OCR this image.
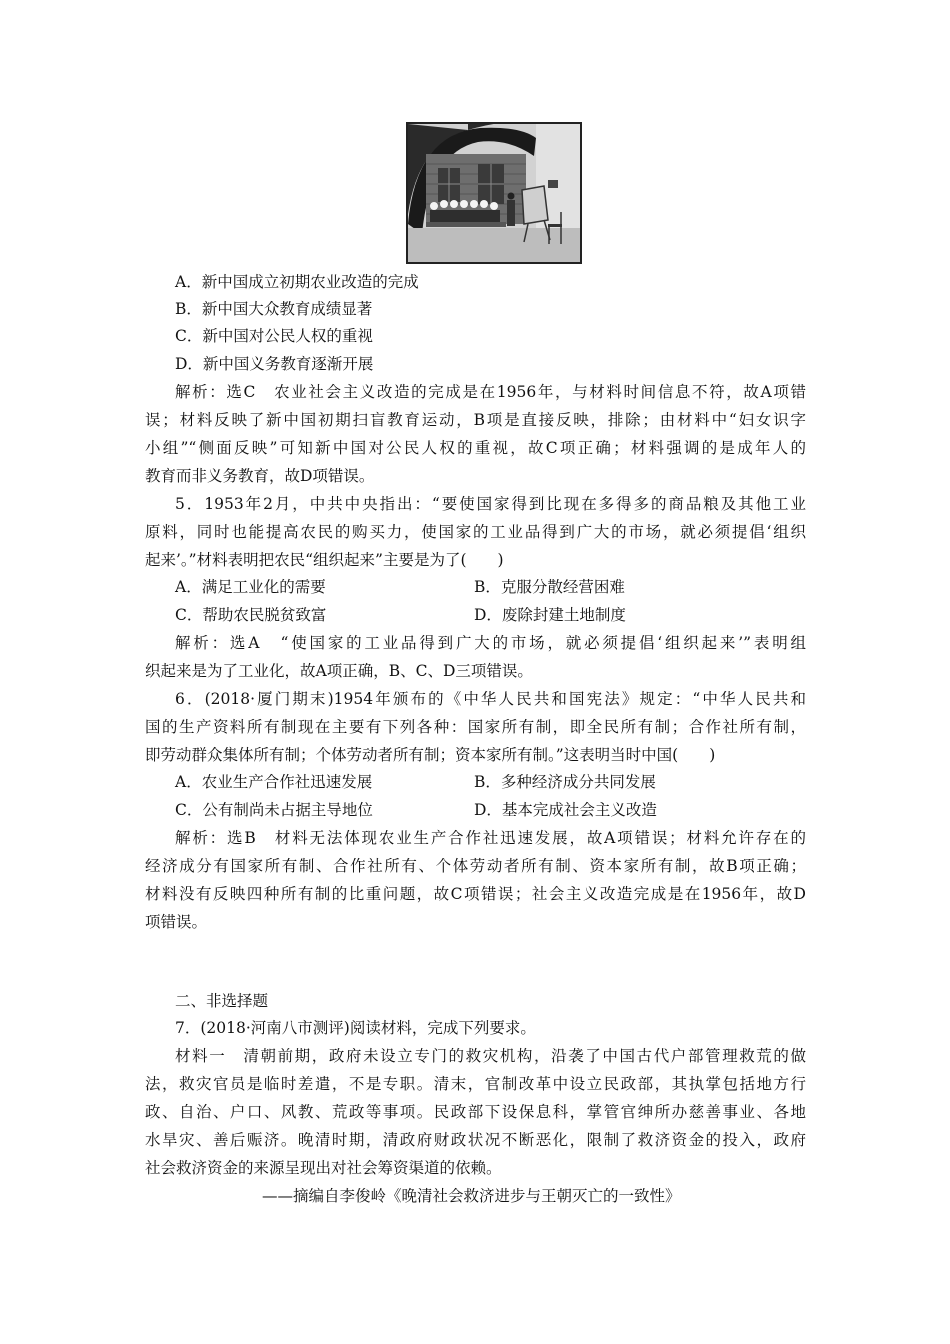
A．新中国成立初期农业改造的完成
B．新中国大众教育成绩显著
C．新中国对公民人权的重视
D．新中国义务教育逐渐开展
解析：选C　农业社会主义改造的完成是在1956年，与材料时间信息不符，故A项错
误；材料反映了新中国初期扫盲教育运动，B项是直接反映，排除；由材料中“妇女识字
小组”“侧面反映”可知新中国对公民人权的重视，故C项正确；材料强调的是成年人的
教育而非义务教育，故D项错误。
5．1953年2月，中共中央指出：“要使国家得到比现在多得多的商品粮及其他工业
原料，同时也能提高农民的购买力，使国家的工业品得到广大的市场，就必须提倡‘组织
起来’。”材料表明把农民“组织起来”主要是为了(　　)
A．满足工业化的需要	B．克服分散经营困难
C．帮助农民脱贫致富	D．废除封建土地制度
解析：选A　“使国家的工业品得到广大的市场，就必须提倡‘组织起来’”表明组
织起来是为了工业化，故A项正确，B、C、D三项错误。
6．(2018·厦门期末)1954年颁布的《中华人民共和国宪法》规定：“中华人民共和
国的生产资料所有制现在主要有下列各种：国家所有制，即全民所有制；合作社所有制，
即劳动群众集体所有制；个体劳动者所有制；资本家所有制。”这表明当时中国(　　)
A．农业生产合作社迅速发展	B．多种经济成分共同发展
C．公有制尚未占据主导地位	D．基本完成社会主义改造
解析：选B　材料无法体现农业生产合作社迅速发展，故A项错误；材料允许存在的
经济成分有国家所有制、合作社所有、个体劳动者所有制、资本家所有制，故B项正确；
材料没有反映四种所有制的比重问题，故C项错误；社会主义改造完成是在1956年，故D
项错误。
二、非选择题
7．(2018·河南八市测评)阅读材料，完成下列要求。
材料一　清朝前期，政府未设立专门的救灾机构，沿袭了中国古代户部管理救荒的做
法，救灾官员是临时差遣，不是专职。清末，官制改革中设立民政部，其执掌包括地方行
政、自治、户口、风教、荒政等事项。民政部下设保息科，掌管官绅所办慈善事业、各地
水旱灾、善后赈济。晚清时期，清政府财政状况不断恶化，限制了救济资金的投入，政府
社会救济资金的来源呈现出对社会筹资渠道的依赖。
——摘编自李俊岭《晚清社会救济进步与王朝灭亡的一致性》
